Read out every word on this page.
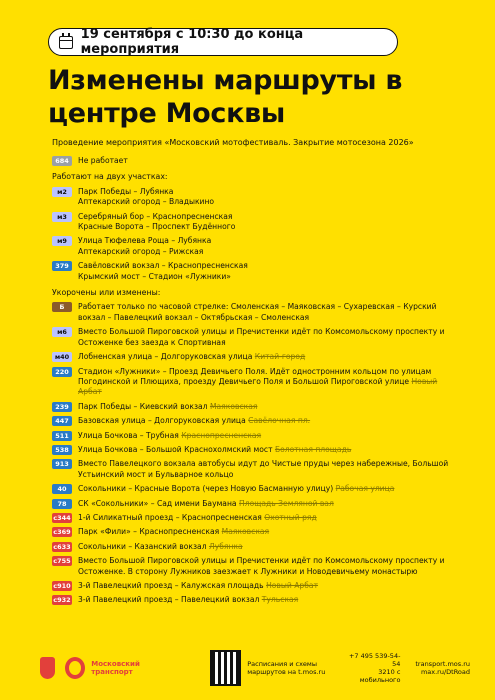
19 сентября с 10:30 до конца мероприятия
Изменены маршруты в центре Москвы
Проведение мероприятия «Московский мотофестиваль. Закрытие мотосезона 2026»
684	Не работает
Работают на двух участках:
м2	Парк Победы – Лубянка
Аптекарский огород – Владыкино
м3	Серебряный бор – Краснопресненская
Красные Ворота – Проспект Будённого
м9	Улица Тюфелева Роща – Лубянка
Аптекарский огород – Рижская
379	Савёловский вокзал – Краснопресненская
Крымский мост – Стадион «Лужники»
Укорочены или изменены:
Б	Работает только по часовой стрелке: Смоленская – Маяковская – Сухаревская – Курский вокзал – Павелецкий вокзал – Октябрьская – Смоленская
м6	Вместо Большой Пироговской улицы и Пречистенки идёт по Комсомольскому проспекту и Остоженке без заезда к Спортивная
м40	Лобненская улица – Долгоруковская улица Китай-город
220	Стадион «Лужники» – Проезд Девичьего Поля. Идёт одностронним кольцом по улицам Погодинской и Плющиха, проезду Девичьего Поля и Большой Пироговской улице Новый Арбат
239	Парк Победы – Киевский вокзал Маяковская
447	Базовская улица – Долгоруковская улица Савёлочная пл.
511	Улица Бочкова – Трубная Краснопресненская
538	Улица Бочкова – Большой Краснохолмский мост Болотная площадь
913	Вместо Павелецкого вокзала автобусы идут до Чистые пруды через набережные, Большой Устьинский мост и Бульварное кольцо
40	Сокольники – Красные Ворота (через Новую Басманную улицу) Рабочая улица
78	СК «Сокольники» – Сад имени Баумана Площадь Земляной вал
с344 1-й Силикатный проезд – Краснопресненская Охотный ряд
с369 Парк «Фили» – Краснопресненская Маяковская
с633 Сокольники – Казанский вокзал Лубянка
с755 Вместо Большой Пироговской улицы и Пречистенки идёт по Комсомольскому проспекту и Остоженке. В сторону Лужников заезжает к Лужники и Новодевичьему монастырю
с910 3-й Павелецкий проезд – Калужская площадь Новый Арбат
с932 3-й Павелецкий проезд – Павелецкий вокзал Тульская
Московский транспорт
Расписания и схемы маршрутов на t.mos.ru
+7 495 539-54-54
3210 с мобильного
transport.mos.ru
max.ru/DtRoad
